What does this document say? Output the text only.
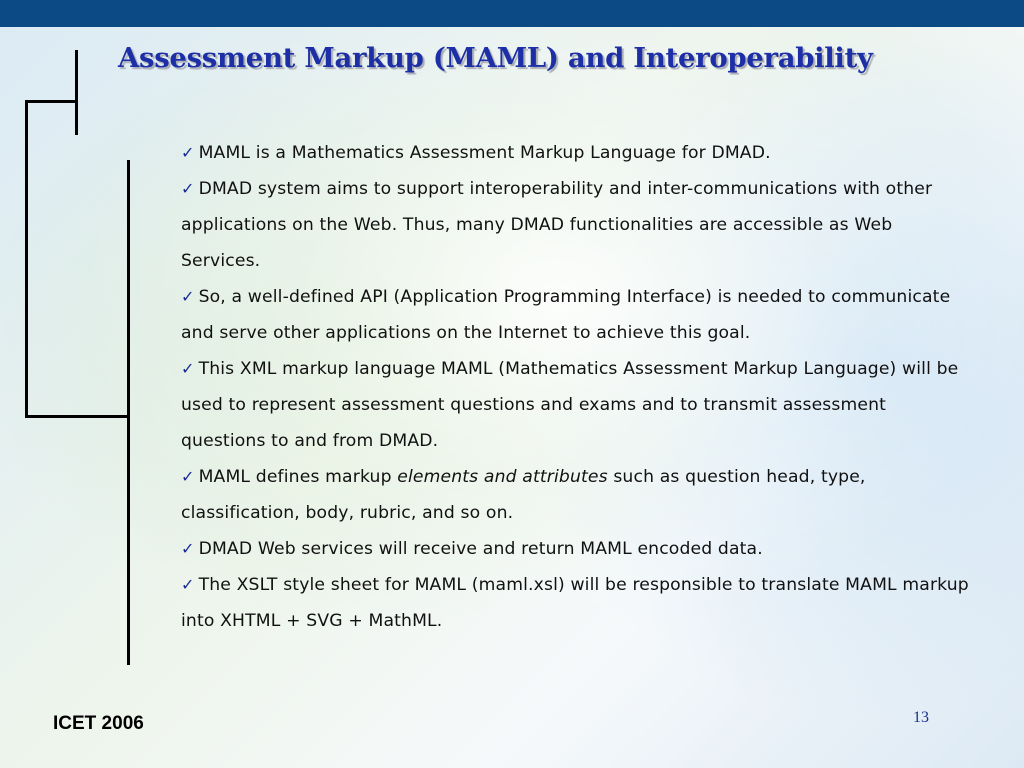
Assessment Markup (MAML) and Interoperability

✓ MAML is a Mathematics Assessment Markup Language for DMAD.

✓ DMAD system aims to support interoperability and inter-communications with other applications on the Web. Thus, many DMAD functionalities are accessible as Web Services.

✓ So, a well-defined API (Application Programming Interface) is needed to communicate and serve other applications on the Internet to achieve this goal.

✓ This XML markup language MAML (Mathematics Assessment Markup Language) will be used to represent assessment questions and exams and to transmit assessment questions to and from DMAD.

✓ MAML defines markup elements and attributes such as question head, type, classification, body, rubric, and so on.

✓ DMAD Web services will receive and return MAML encoded data.

✓ The XSLT style sheet for MAML (maml.xsl) will be responsible to translate MAML markup into XHTML + SVG + MathML.

ICET 2006	13
